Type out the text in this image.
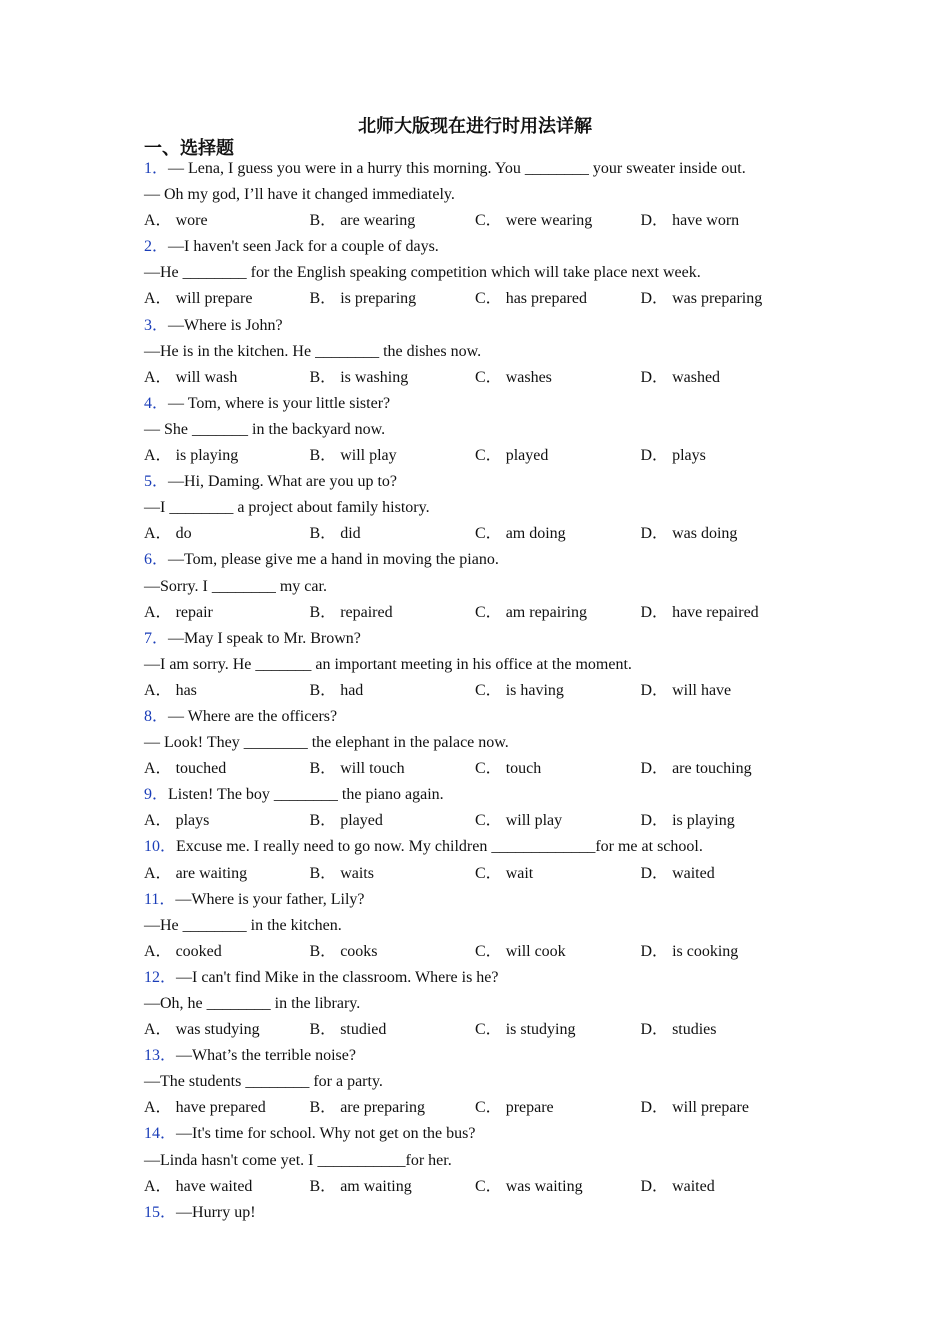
北师大版现在进行时用法详解
一、选择题
1．— Lena, I guess you were in a hurry this morning. You ________ your sweater inside out.
— Oh my god, I’ll have it changed immediately.
A． wore	B． are wearing	C． were wearing	D． have worn
2．—I haven't seen Jack for a couple of days.
—He ________ for the English speaking competition which will take place next week.
A． will prepare	B． is preparing	C． has prepared	D． was preparing
3．—Where is John?
—He is in the kitchen. He ________ the dishes now.
A． will wash	B． is washing	C． washes	D． washed
4．— Tom, where is your little sister?
— She _______ in the backyard now.
A． is playing	B． will play	C． played	D． plays
5．—Hi, Daming. What are you up to?
—I ________ a project about family history.
A． do	B． did	C． am doing	D． was doing
6．—Tom, please give me a hand in moving the piano.
—Sorry. I ________ my car.
A． repair	B． repaired	C． am repairing	D． have repaired
7．—May I speak to Mr. Brown?
—I am sorry. He _______ an important meeting in his office at the moment.
A． has	B． had	C． is having	D． will have
8．— Where are the officers?
— Look! They ________ the elephant in the palace now.
A． touched	B． will touch	C． touch	D． are touching
9．Listen! The boy ________ the piano again.
A． plays	B． played	C． will play	D． is playing
10．Excuse me. I really need to go now. My children _____________for me at school.
A． are waiting	B． waits	C． wait	D． waited
11．—Where is your father, Lily?
—He ________ in the kitchen.
A． cooked	B． cooks	C． will cook	D． is cooking
12．—I can't find Mike in the classroom. Where is he?
—Oh, he ________ in the library.
A． was studying	B． studied	C． is studying	D． studies
13．—What’s the terrible noise?
—The students ________ for a party.
A． have prepared	B． are preparing	C． prepare	D． will prepare
14．—It's time for school. Why not get on the bus?
—Linda hasn't come yet. I ___________for her.
A． have waited	B． am waiting	C． was waiting	D． waited
15．—Hurry up!
